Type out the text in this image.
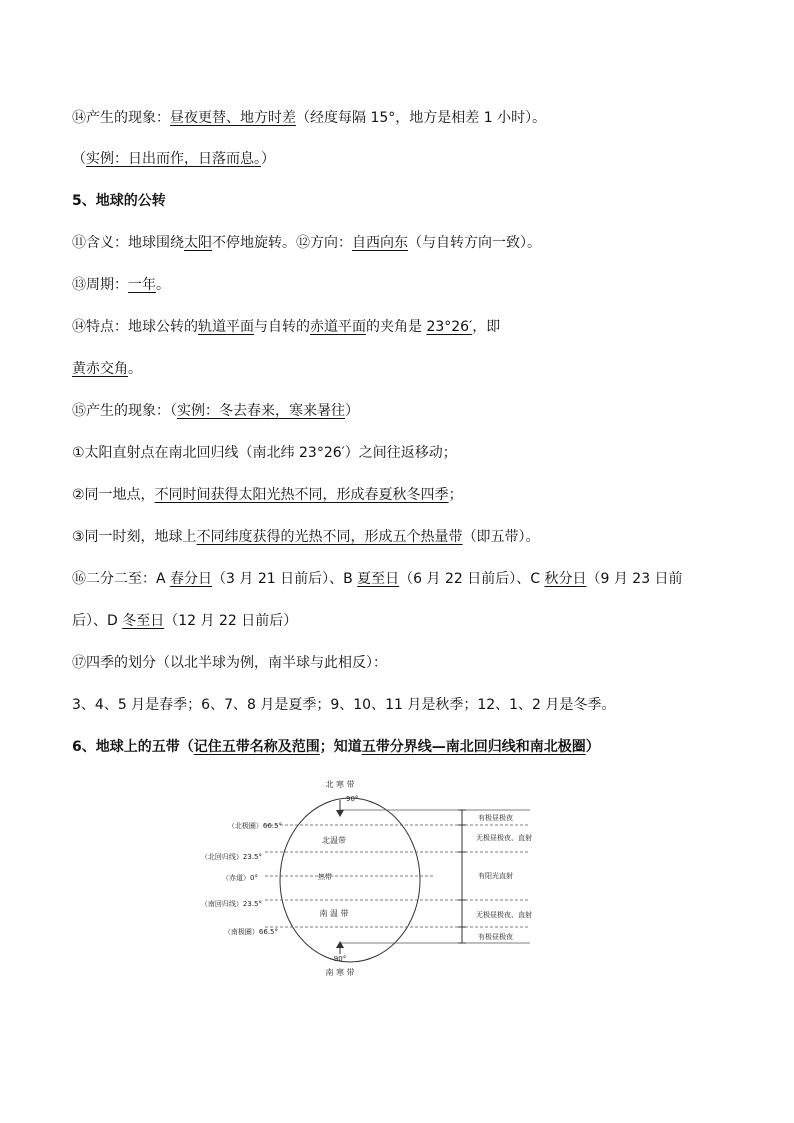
⑭产生的现象：昼夜更替、地方时差（经度每隔 15°，地方是相差 1 小时）。
（实例：日出而作，日落而息。）
5、地球的公转
⑪含义：地球围绕太阳不停地旋转。⑫方向：自西向东（与自转方向一致）。
⑬周期：一年。
⑭特点：地球公转的轨道平面与自转的赤道平面的夹角是 23°26′，即
黄赤交角。
⑮产生的现象：（实例：冬去春来，寒来暑往）
①太阳直射点在南北回归线（南北纬 23°26′）之间往返移动；
②同一地点，不同时间获得太阳光热不同，形成春夏秋冬四季；
③同一时刻，地球上不同纬度获得的光热不同，形成五个热量带（即五带）。
⑯二分二至：A 春分日（3 月 21 日前后）、B 夏至日（6 月 22 日前后）、C 秋分日（9 月 23 日前
后）、D 冬至日（12 月 22 日前后）
⑰四季的划分（以北半球为例，南半球与此相反）：
3、4、5 月是春季；6、7、8 月是夏季；9、10、11 月是秋季；12、1、2 月是冬季。
6、地球上的五带（记住五带名称及范围；知道五带分界线—南北回归线和南北极圈）
北 寒 带
90°
90°
南 寒 带
（北极圈）66.5°
（北回归线）23.5°
（赤道）0°
（南回归线）23.5°
（南极圈）66.5°
北温带
热带
南 温 带
有极昼极夜
无极昼极夜、直射
有阳光直射
无极昼极夜、直射
有极昼极夜
